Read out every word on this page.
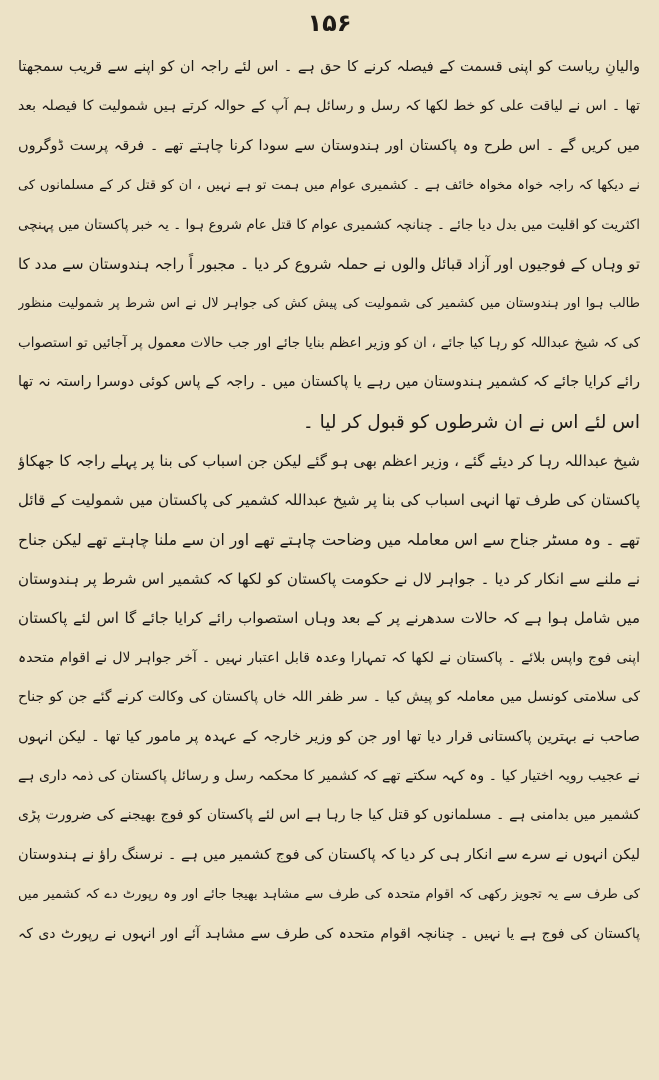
۱۵۶
والیانِ ریاست کو اپنی قسمت کے فیصلہ کرنے کا حق ہے ۔ اس لئے راجہ ان کو اپنے سے قریب سمجھتا
تھا ۔ اس نے لیاقت علی کو خط لکھا کہ رسل و رسائل ہم آپ کے حوالہ کرتے ہیں شمولیت کا فیصلہ بعد
میں کریں گے ۔ اس طرح وہ پاکستان اور ہندوستان سے سودا کرنا چاہتے تھے ۔ فرقہ پرست ڈوگروں
نے دیکھا کہ راجہ خواہ مخواہ خائف ہے ۔ کشمیری عوام میں ہمت تو ہے نہیں ، ان کو قتل کر کے مسلمانوں کی
اکثریت کو اقلیت میں بدل دیا جائے ۔ چنانچہ کشمیری عوام کا قتل عام شروع ہوا ۔ یہ خبر پاکستان میں پہنچی
تو وہاں کے فوجیوں اور آزاد قبائل والوں نے حملہ شروع کر دیا ۔ مجبور اً راجہ ہندوستان سے مدد کا
طالب ہوا اور ہندوستان میں کشمیر کی شمولیت کی پیش کش کی جواہر لال نے اس شرط پر شمولیت منظور
کی کہ شیخ عبداللہ کو رہا کیا جائے ، ان کو وزیر اعظم بنایا جائے اور جب حالات معمول پر آجائیں تو استصواب
رائے کرایا جائے کہ کشمیر ہندوستان میں رہے یا پاکستان میں ۔ راجہ کے پاس کوئی دوسرا راستہ نہ تھا
اس لئے اس نے ان شرطوں کو قبول کر لیا ۔
شیخ عبداللہ رہا کر دیئے گئے ، وزیر اعظم بھی ہو گئے لیکن جن اسباب کی بنا پر پہلے راجہ کا جھکاؤ
پاکستان کی طرف تھا انہی اسباب کی بنا پر شیخ عبداللہ کشمیر کی پاکستان میں شمولیت کے قائل
تھے ۔ وہ مسٹر جناح سے اس معاملہ میں وضاحت چاہتے تھے اور ان سے ملنا چاہتے تھے لیکن جناح
نے ملنے سے انکار کر دیا ۔ جواہر لال نے حکومت پاکستان کو لکھا کہ کشمیر اس شرط پر ہندوستان
میں شامل ہوا ہے کہ حالات سدھرنے پر کے بعد وہاں استصواب رائے کرایا جائے گا اس لئے پاکستان
اپنی فوج واپس بلائے ۔ پاکستان نے لکھا کہ تمہارا وعدہ قابل اعتبار نہیں ۔ آخر جواہر لال نے اقوام متحدہ
کی سلامتی کونسل میں معاملہ کو پیش کیا ۔ سر ظفر اللہ خاں پاکستان کی وکالت کرنے گئے جن کو جناح
صاحب نے بہترین پاکستانی قرار دیا تھا اور جن کو وزیر خارجہ کے عہدہ پر مامور کیا تھا ۔ لیکن انہوں
نے عجیب رویہ اختیار کیا ۔ وہ کہہ سکتے تھے کہ کشمیر کا محکمہ رسل و رسائل پاکستان کی ذمہ داری ہے
کشمیر میں بدامنی ہے ۔ مسلمانوں کو قتل کیا جا رہا ہے اس لئے پاکستان کو فوج بھیجنے کی ضرورت پڑی
لیکن انہوں نے سرے سے انکار ہی کر دیا کہ پاکستان کی فوج کشمیر میں ہے ۔ نرسنگ راؤ نے ہندوستان
کی طرف سے یہ تجویز رکھی کہ اقوام متحدہ کی طرف سے مشاہد بھیجا جائے اور وہ رپورٹ دے کہ کشمیر میں
پاکستان کی فوج ہے یا نہیں ۔ چنانچہ اقوام متحدہ کی طرف سے مشاہد آئے اور انہوں نے رپورٹ دی کہ
